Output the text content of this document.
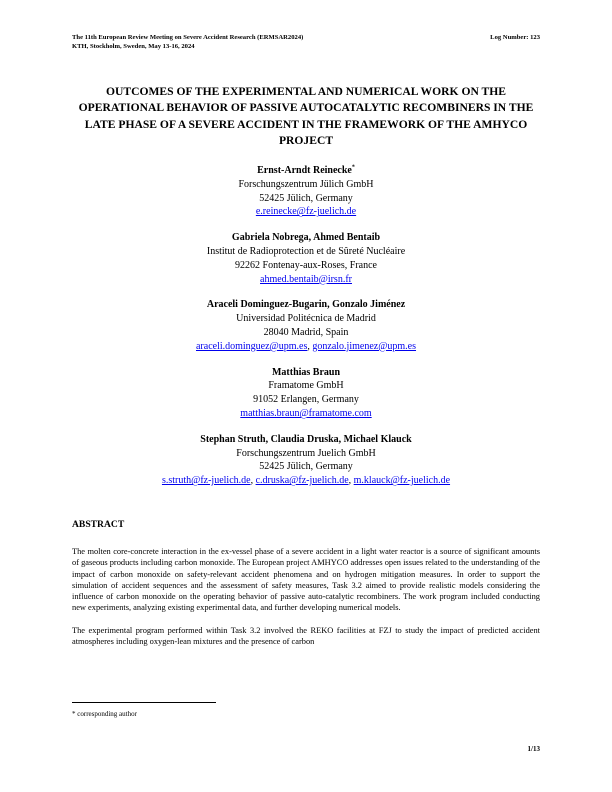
The 11th European Review Meeting on Severe Accident Research (ERMSAR2024)
KTH, Stockholm, Sweden, May 13-16, 2024
Log Number: 123
OUTCOMES OF THE EXPERIMENTAL AND NUMERICAL WORK ON THE OPERATIONAL BEHAVIOR OF PASSIVE AUTOCATALYTIC RECOMBINERS IN THE LATE PHASE OF A SEVERE ACCIDENT IN THE FRAMEWORK OF THE AMHYCO PROJECT
Ernst-Arndt Reinecke*
Forschungszentrum Jülich GmbH
52425 Jülich, Germany
e.reinecke@fz-juelich.de
Gabriela Nobrega, Ahmed Bentaib
Institut de Radioprotection et de Sûreté Nucléaire
92262 Fontenay-aux-Roses, France
ahmed.bentaib@irsn.fr
Araceli Dominguez-Bugarin, Gonzalo Jiménez
Universidad Politécnica de Madrid
28040 Madrid, Spain
araceli.dominguez@upm.es, gonzalo.jimenez@upm.es
Matthias Braun
Framatome GmbH
91052 Erlangen, Germany
matthias.braun@framatome.com
Stephan Struth, Claudia Druska, Michael Klauck
Forschungszentrum Juelich GmbH
52425 Jülich, Germany
s.struth@fz-juelich.de, c.druska@fz-juelich.de, m.klauck@fz-juelich.de
ABSTRACT

The molten core-concrete interaction in the ex-vessel phase of a severe accident in a light water reactor is a source of significant amounts of gaseous products including carbon monoxide. The European project AMHYCO addresses open issues related to the understanding of the impact of carbon monoxide on safety-relevant accident phenomena and on hydrogen mitigation measures. In order to support the simulation of accident sequences and the assessment of safety measures, Task 3.2 aimed to provide realistic models considering the influence of carbon monoxide on the operating behavior of passive auto-catalytic recombiners. The work program included conducting new experiments, analyzing existing experimental data, and further developing numerical models.

The experimental program performed within Task 3.2 involved the REKO facilities at FZJ to study the impact of predicted accident atmospheres including oxygen-lean mixtures and the presence of carbon

* corresponding author
1/13
